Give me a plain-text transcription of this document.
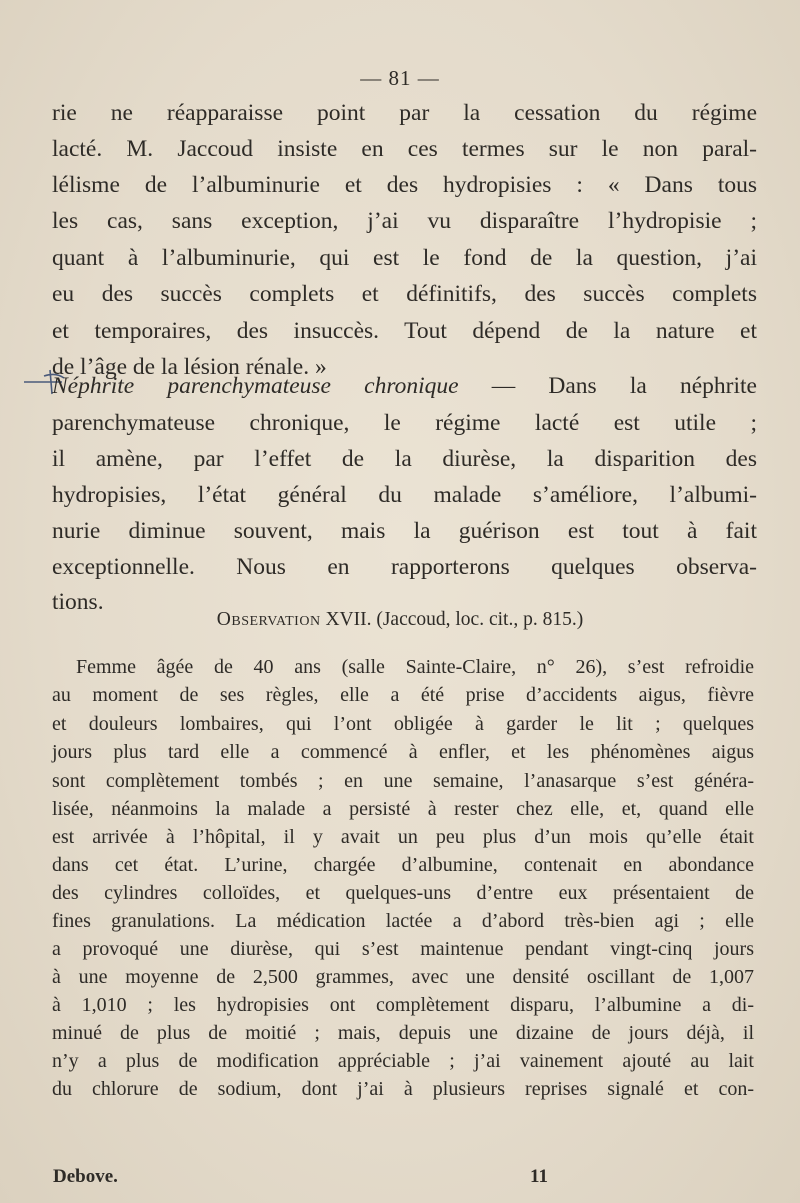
— 81 —

rie ne réapparaisse point par la cessation du régime

lacté. M. Jaccoud insiste en ces termes sur le non paral-

lélisme de l’albuminurie et des hydropisies : « Dans tous

les cas, sans exception, j’ai vu disparaître l’hydropisie ;

quant à l’albuminurie, qui est le fond de la question, j’ai

eu des succès complets et définitifs, des succès complets

et temporaires, des insuccès. Tout dépend de la nature et

de l’âge de la lésion rénale. »

Néphrite parenchymateuse chronique — Dans la néphrite

parenchymateuse chronique, le régime lacté est utile ;

il amène, par l’effet de la diurèse, la disparition des

hydropisies, l’état général du malade s’améliore, l’albumi-

nurie diminue souvent, mais la guérison est tout à fait

exceptionnelle. Nous en rapporterons quelques observa-

tions.

Observation XVII. (Jaccoud, loc. cit., p. 815.)

Femme âgée de 40 ans (salle Sainte-Claire, n° 26), s’est refroidie

au moment de ses règles, elle a été prise d’accidents aigus, fièvre

et douleurs lombaires, qui l’ont obligée à garder le lit ; quelques

jours plus tard elle a commencé à enfler, et les phénomènes aigus

sont complètement tombés ; en une semaine, l’anasarque s’est généra-

lisée, néanmoins la malade a persisté à rester chez elle, et, quand elle

est arrivée à l’hôpital, il y avait un peu plus d’un mois qu’elle était

dans cet état. L’urine, chargée d’albumine, contenait en abondance

des cylindres colloïdes, et quelques-uns d’entre eux présentaient de

fines granulations. La médication lactée a d’abord très-bien agi ; elle

a provoqué une diurèse, qui s’est maintenue pendant vingt-cinq jours

à une moyenne de 2,500 grammes, avec une densité oscillant de 1,007

à 1,010 ; les hydropisies ont complètement disparu, l’albumine a di-

minué de plus de moitié ; mais, depuis une dizaine de jours déjà, il

n’y a plus de modification appréciable ; j’ai vainement ajouté au lait

du chlorure de sodium, dont j’ai à plusieurs reprises signalé et con-

Debove.	11
